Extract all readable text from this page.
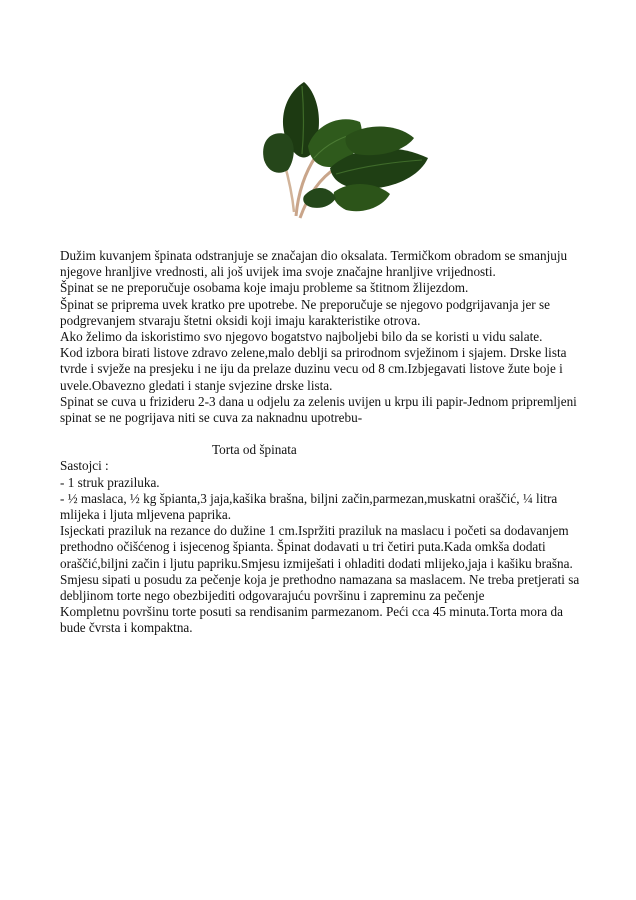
Dužim kuvanjem špinata odstranjuje se značajan dio oksalata. Termičkom obradom se smanjuju njegove hranljive vrednosti, ali još uvijek ima svoje značajne hranljive vrijednosti.

Špinat se ne preporučuje osobama koje imaju probleme sa štitnom žlijezdom.

Špinat se priprema uvek kratko pre upotrebe. Ne preporučuje se njegovo podgrijavanja jer se podgrevanjem stvaraju štetni oksidi koji imaju karakteristike otrova.

Ako želimo da iskoristimo svo njegovo bogatstvo najboljebi bilo da se koristi u vidu salate.

Kod izbora birati listove zdravo zelene,malo deblji sa prirodnom svježinom i sjajem. Drske lista tvrde i svježe na presjeku i ne iju da prelaze duzinu vecu od 8 cm.Izbjegavati listove žute boje i uvele.Obavezno gledati i stanje svjezine drske lista.

Spinat se cuva u frizideru 2-3 dana u odjelu za zelenis uvijen u krpu ili papir-Jednom pripremljeni spinat se ne pogrijava niti se cuva za naknadnu upotrebu-

Torta od špinata

Sastojci :

- 1 struk praziluka.

- ½ maslaca, ½ kg špianta,3 jaja,kašika brašna, biljni začin,parmezan,muskatni oraščić, ¼ litra mlijeka i ljuta mljevena paprika.

Isjeckati praziluk na rezance do dužine 1 cm.Ispržiti praziluk na maslacu i početi sa dodavanjem prethodno očišćenog i isjecenog špianta. Špinat dodavati u tri četiri puta.Kada omkša dodati oraščić,biljni začin i ljutu papriku.Smjesu izmiješati i ohladiti dodati mlijeko,jaja i kašiku brašna.

Smjesu sipati u posudu za pečenje koja je prethodno namazana sa maslacem. Ne treba pretjerati sa debljinom torte nego obezbijediti odgovarajuću površinu i zapreminu za pečenje

Kompletnu površinu torte posuti sa rendisanim parmezanom. Peći cca 45 minuta.Torta mora da bude čvrsta i kompaktna.
